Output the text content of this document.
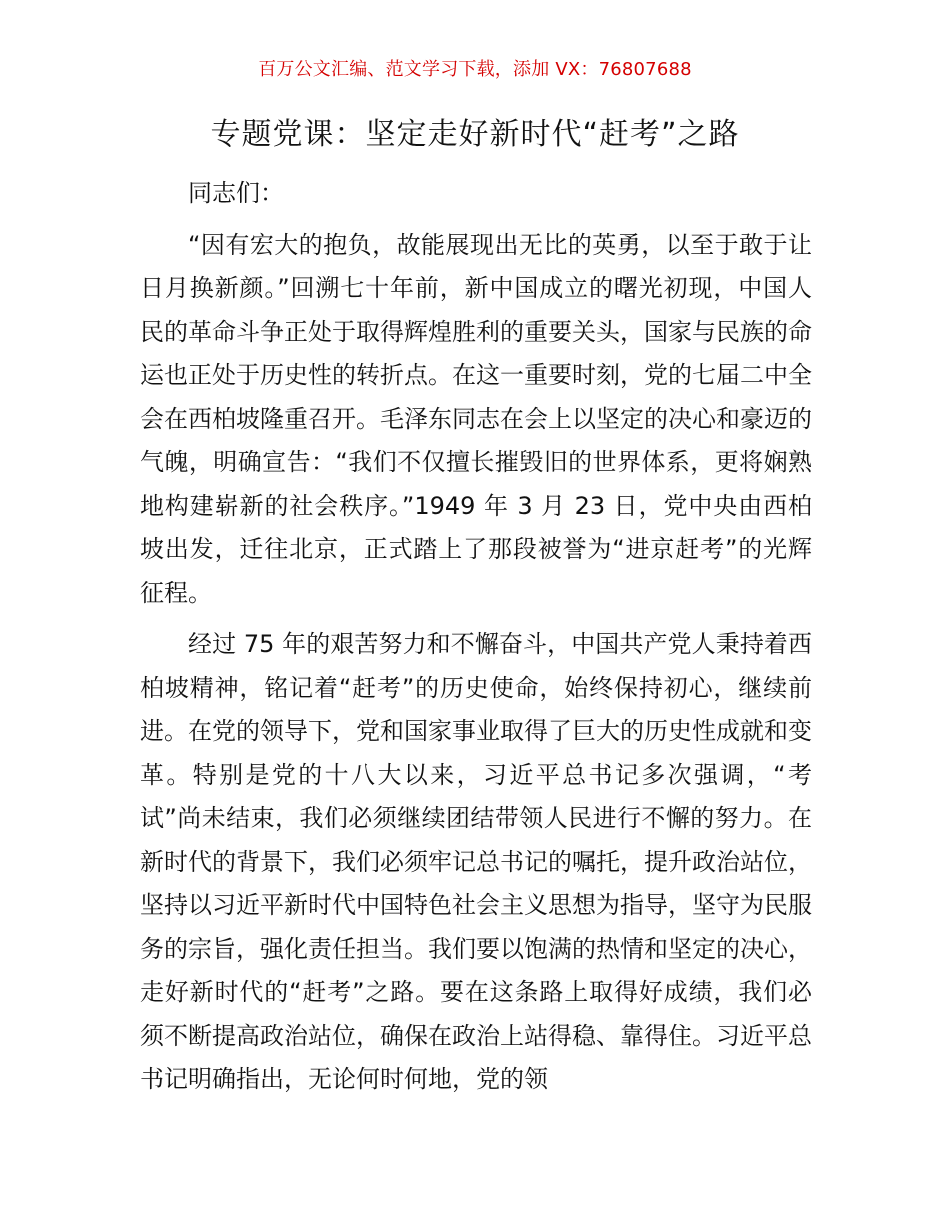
百万公文汇编、范文学习下载，添加 VX：76807688
专题党课：坚定走好新时代“赶考”之路

同志们：

“因有宏大的抱负，故能展现出无比的英勇，以至于敢于让日月换新颜。”回溯七十年前，新中国成立的曙光初现，中国人民的革命斗争正处于取得辉煌胜利的重要关头，国家与民族的命运也正处于历史性的转折点。在这一重要时刻，党的七届二中全会在西柏坡隆重召开。毛泽东同志在会上以坚定的决心和豪迈的气魄，明确宣告：“我们不仅擅长摧毁旧的世界体系，更将娴熟地构建崭新的社会秩序。”1949 年 3 月 23 日，党中央由西柏坡出发，迁往北京，正式踏上了那段被誉为“进京赶考”的光辉征程。

经过 75 年的艰苦努力和不懈奋斗，中国共产党人秉持着西柏坡精神，铭记着“赶考”的历史使命，始终保持初心，继续前进。在党的领导下，党和国家事业取得了巨大的历史性成就和变革。特别是党的十八大以来，习近平总书记多次强调，“考试”尚未结束，我们必须继续团结带领人民进行不懈的努力。在新时代的背景下，我们必须牢记总书记的嘱托，提升政治站位，坚持以习近平新时代中国特色社会主义思想为指导，坚守为民服务的宗旨，强化责任担当。我们要以饱满的热情和坚定的决心，走好新时代的“赶考”之路。要在这条路上取得好成绩，我们必须不断提高政治站位，确保在政治上站得稳、靠得住。习近平总书记明确指出，无论何时何地，党的领
